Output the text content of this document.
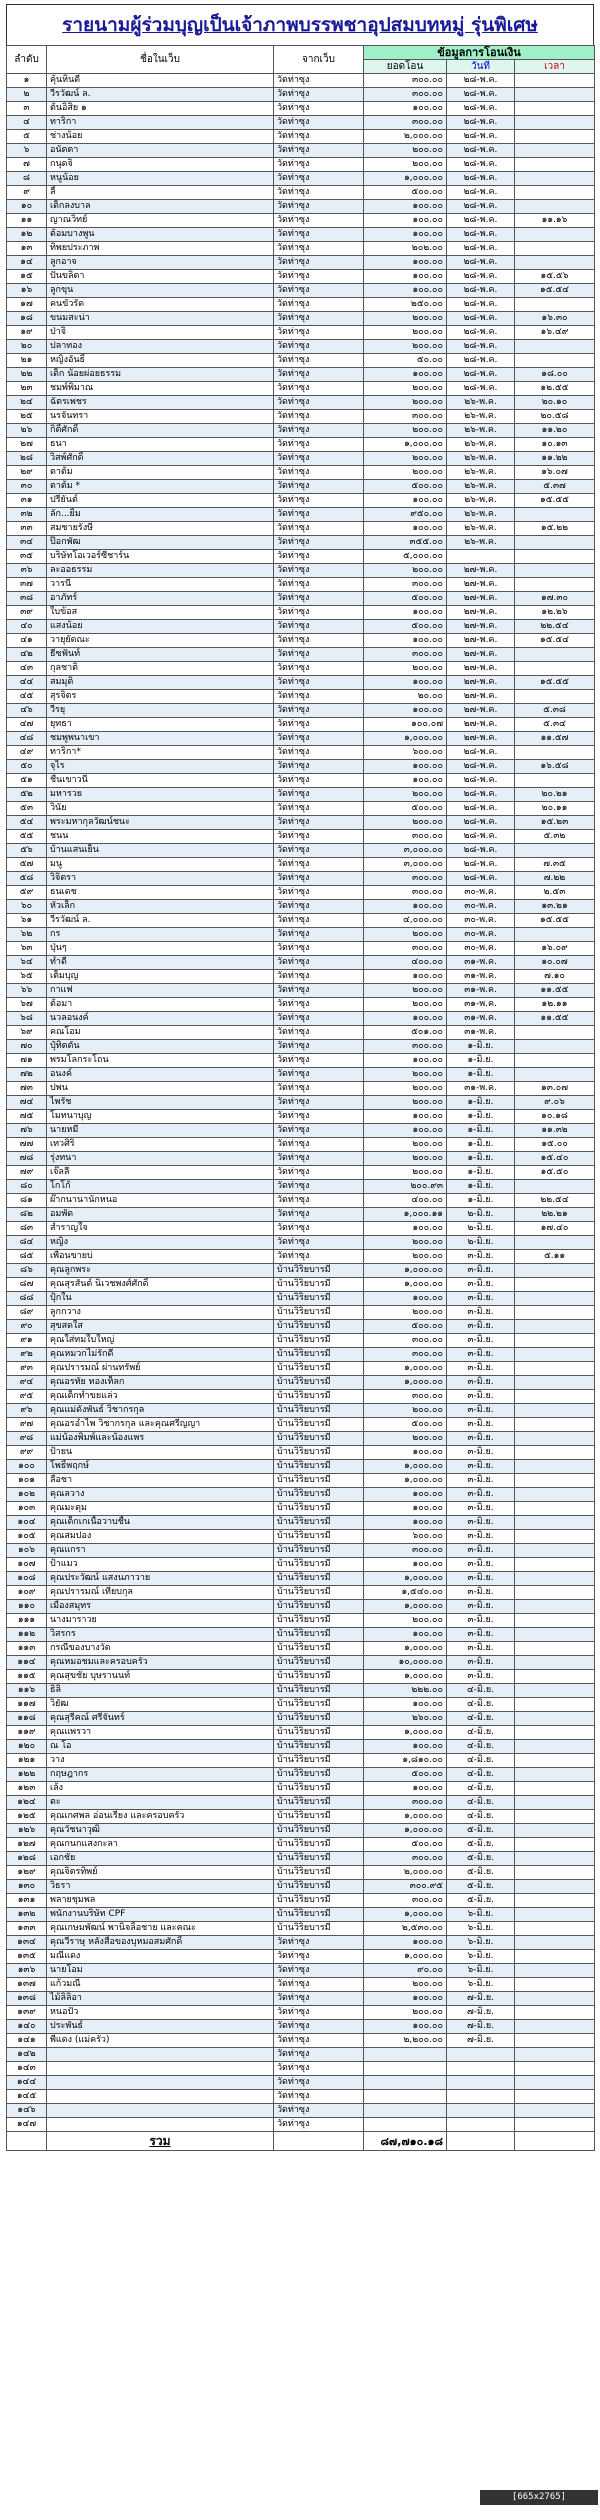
รายนามผู้ร่วมบุญเป็นเจ้าภาพบรรพชาอุปสมบทหมู่ รุ่นพิเศษ
ลำดับ	ชื่อในเว็บ	จากเว็บ	ข้อมูลการโอนเงิน		
			ยอดโอน	วันที่	เวลา
๑	คุ้นหินดี	วัดท่าซุง	๓๐๐.๐๐	๒๘-พ.ค.	
๒	วีรวัฒน์ ล.	วัดท่าซุง	๓๐๐.๐๐	๒๘-พ.ค.	
๓	ต้นอิสิย ๑	วัดท่าซุง	๑๐๐.๐๐	๒๘-พ.ค.	
๔	ทาริกา	วัดท่าซุง	๓๐๐.๐๐	๒๘-พ.ค.	
๕	ช่างน้อย	วัดท่าซุง	๒,๐๐๐.๐๐	๒๘-พ.ค.	
๖	อนัตตา	วัดท่าซุง	๒๐๐.๐๐	๒๘-พ.ค.	
๗	กนุดจิ	วัดท่าซุง	๒๐๐.๐๐	๒๘-พ.ค.	
๘	หนูน้อย	วัดท่าซุง	๑,๐๐๐.๐๐	๒๘-พ.ค.	
๙	ลี้	วัดท่าซุง	๕๐๐.๐๐	๒๘-พ.ค.	
๑๐	เด็กลงบาล	วัดท่าซุง	๑๐๐.๐๐	๒๘-พ.ค.	
๑๑	ญาณวิทย์	วัดท่าซุง	๑๐๐.๐๐	๒๘-พ.ค.	๑๑.๑๖
๑๒	ต้อมบางพูน	วัดท่าซุง	๑๐๐.๐๐	๒๘-พ.ค.	
๑๓	ทิพยประภาพ	วัดท่าซุง	๒๐๒.๐๐	๒๘-พ.ค.	
๑๔	ลูกอาจ	วัดท่าซุง	๑๐๐.๐๐	๒๘-พ.ค.	
๑๕	ปันขลิตา	วัดท่าซุง	๑๐๐.๐๐	๒๘-พ.ค.	๑๕.๕๖
๑๖	ลูกขุน	วัดท่าซุง	๑๐๐.๐๐	๒๘-พ.ค.	๑๕.๕๔
๑๗	คนขัวรัด	วัดท่าซุง	๒๕๐.๐๐	๒๘-พ.ค.	
๑๘	ขนมสะน่า	วัดท่าซุง	๒๐๐.๐๐	๒๘-พ.ค.	๑๖.๓๐
๑๙	ป่าจิ	วัดท่าซุง	๒๐๐.๐๐	๒๘-พ.ค.	๑๖.๔๙
๒๐	ปลาทอง	วัดท่าซุง	๒๐๐.๐๐	๒๘-พ.ค.	
๒๑	หญิงอันธิ์	วัดท่าซุง	๕๐.๐๐	๒๘-พ.ค.	
๒๒	เด็ก น้อยผ่อยธรรม	วัดท่าซุง	๑๐๐.๐๐	๒๘-พ.ค.	๑๘.๐๐
๒๓	ชมพ์พิมาณ	วัดท่าซุง	๒๐๐.๐๐	๒๘-พ.ค.	๑๒.๕๕
๒๔	ฉัตรเพชร	วัดท่าซุง	๒๐๐.๐๐	๒๖-พ.ค.	๒๐.๑๐
๒๕	นรจันทรา	วัดท่าซุง	๓๐๐.๐๐	๒๖-พ.ค.	๒๐.๕๘
๒๖	กิติ์ศักดิ์	วัดท่าซุง	๒๐๐.๐๐	๒๖-พ.ค.	๑๑.๒๐
๒๗	ธนา	วัดท่าซุง	๑,๐๐๐.๐๐	๒๖-พ.ค.	๑๐.๑๓
๒๘	วิสพ์ศักดิ์	วัดท่าซุง	๒๐๐.๐๐	๒๖-พ.ค.	๑๑.๒๒
๒๙	ตาต้ม	วัดท่าซุง	๒๐๐.๐๐	๒๖-พ.ค.	๑๖.๐๗
๓๐	ตาต้ม *	วัดท่าซุง	๕๐๐.๐๐	๒๖-พ.ค.	๕.๓๗
๓๑	ปรียันต์	วัดท่าซุง	๑๐๐.๐๐	๒๖-พ.ค.	๑๕.๕๕
๓๒	ลัก...ยิ้ม	วัดท่าซุง	๙๕๐.๐๐	๒๖-พ.ค.	
๓๓	สมชายรังษี	วัดท่าซุง	๑๐๐.๐๐	๒๖-พ.ค.	๑๕.๒๒
๓๔	ป๊อกพัฒ	วัดท่าซุง	๓๕๕.๐๐	๒๖-พ.ค.	
๓๕	บริษัทโอเวอร์ซีชาร์น	วัดท่าซุง	๕,๐๐๐.๐๐		
๓๖	ละออธรรม	วัดท่าซุง	๒๐๐.๐๐	๒๗-พ.ค.	
๓๗	วารนี	วัดท่าซุง	๓๐๐.๐๐	๒๗-พ.ค.	
๓๘	อาภัทร์	วัดท่าซุง	๕๐๐.๐๐	๒๗-พ.ค.	๑๗.๓๐
๓๙	ใบข้อส	วัดท่าซุง	๑๐๐.๐๐	๒๗-พ.ค.	๑๒.๒๖
๔๐	แสงน้อย	วัดท่าซุง	๕๐๐.๐๐	๒๗-พ.ค.	๒๒.๕๔
๔๑	วายุยัดณะ	วัดท่าซุง	๑๐๐.๐๐	๒๗-พ.ค.	๑๕.๕๔
๔๒	ธีซฟันท์	วัดท่าซุง	๓๐๐.๐๐	๒๗-พ.ค.	
๔๓	กุลชาติ	วัดท่าซุง	๒๐๐.๐๐	๒๗-พ.ค.	
๔๔	สมมุติ	วัดท่าซุง	๑๐๐.๐๐	๒๗-พ.ค.	๑๕.๕๕
๔๕	สุรจิตร	วัดท่าซุง	๒๐.๐๐	๒๗-พ.ค.	
๔๖	วีรยุ	วัดท่าซุง	๑๐๐.๐๐	๒๗-พ.ค.	๕.๓๘
๔๗	ยุทธา	วัดท่าซุง	๑๐๐.๐๗	๒๗-พ.ค.	๕.๓๔
๔๘	ชมพูพนาเขา	วัดท่าซุง	๑,๐๐๐.๐๐	๒๗-พ.ค.	๑๑.๕๗
๔๙	ทาริกา*	วัดท่าซุง	๖๐๐.๐๐	๒๘-พ.ค.	
๕๐	จุไร	วัดท่าซุง	๑๐๐.๐๐	๒๘-พ.ค.	๑๖.๕๘
๕๑	ชื่นเขาวนี	วัดท่าซุง	๑๐๐.๐๐	๒๘-พ.ค.	
๕๒	มหารวย	วัดท่าซุง	๒๐๐.๐๐	๒๘-พ.ค.	๒๐.๒๑
๕๓	วินัย	วัดท่าซุง	๕๐๐.๐๐	๒๘-พ.ค.	๒๐.๑๑
๕๔	พระมหากุลวัฒน์ชนะ	วัดท่าซุง	๒๐๐.๐๐	๒๘-พ.ค.	๑๕.๒๓
๕๕	ชนน	วัดท่าซุง	๓๐๐.๐๐	๒๘-พ.ค.	๕.๓๒
๕๖	บ้านแสนเย็น	วัดท่าซุง	๓,๐๐๐.๐๐	๒๘-พ.ค.	
๕๗	มนู	วัดท่าซุง	๓,๐๐๐.๐๐	๒๘-พ.ค.	๗.๓๕
๕๘	วิจิตรา	วัดท่าซุง	๓๐๐.๐๐	๒๘-พ.ค.	๗.๒๒
๕๙	ธนเดช	วัดท่าซุง	๓๐๐.๐๐	๓๐-พ.ค.	๒.๕๓
๖๐	หัวเล็ก	วัดท่าซุง	๑๐๐.๐๐	๓๐-พ.ค.	๑๓.๒๑
๖๑	วีรวัฒน์ ล.	วัดท่าซุง	๔,๐๐๐.๐๐	๓๐-พ.ค.	๑๕.๕๕
๖๒	กร	วัดท่าซุง	๒๐๐.๐๐	๓๐-พ.ค.	
๖๓	ปุ่นๆ	วัดท่าซุง	๓๐๐.๐๐	๓๐-พ.ค.	๑๖.๐๙
๖๔	ทำดี	วัดท่าซุง	๔๐๐.๐๐	๓๑-พ.ค.	๑๐.๐๗
๖๕	เต็มบุญ	วัดท่าซุง	๑๐๐.๐๐	๓๑-พ.ค.	๗.๑๐
๖๖	กาแฟ	วัดท่าซุง	๒๐๐.๐๐	๓๑-พ.ค.	๑๑.๕๕
๖๗	ต้อมา	วัดท่าซุง	๒๐๐.๐๐	๓๑-พ.ค.	๑๒.๑๑
๖๘	นวลอนงค์	วัดท่าซุง	๑๐๐.๐๐	๓๑-พ.ค.	๑๑.๕๕
๖๙	คณโอม	วัดท่าซุง	๕๐๑.๐๐	๓๑-พ.ค.	
๗๐	ปุ๋ทิตตัน	วัดท่าซุง	๓๐๐.๐๐	๑-มิ.ย.	
๗๑	พรมโลกระโถน	วัดท่าซุง	๑๐๐.๐๐	๑-มิ.ย.	
๗๒	อนงค์	วัดท่าซุง	๒๐๐.๐๐	๑-มิ.ย.	
๗๓	ปพน	วัดท่าซุง	๒๐๐.๐๐	๓๑-พ.ค.	๑๓.๐๗
๗๔	ไพรัช	วัดท่าซุง	๒๐๐.๐๐	๑-มิ.ย.	๙.๐๖
๗๕	โมทนาบุญ	วัดท่าซุง	๑๐๐.๐๐	๑-มิ.ย.	๑๐.๑๘
๗๖	นายหมี	วัดท่าซุง	๑๐๐.๐๐	๑-มิ.ย.	๑๑.๓๒
๗๗	เทวศิริ	วัดท่าซุง	๒๐๐.๐๐	๑-มิ.ย.	๑๕.๐๐
๗๘	รุ่งทนา	วัดท่าซุง	๒๐๐.๐๐	๑-มิ.ย.	๑๕.๔๐
๗๙	เจ๊ลลี	วัดท่าซุง	๒๐๐.๐๐	๑-มิ.ย.	๑๕.๕๐
๘๐	โกโก้	วัดท่าซุง	๒๐๐.๙๓	๑-มิ.ย.	
๘๑	ผ๊ากนานานักหนอ	วัดท่าซุง	๔๐๐.๐๐	๑-มิ.ย.	๒๒.๕๔
๘๒	อมพัด	วัดท่าซุง	๑,๐๐๐.๑๑	๒-มิ.ย.	๒๒.๒๑
๘๓	สำราญใจ	วัดท่าซุง	๑๐๐.๐๐	๒-มิ.ย.	๑๗.๔๐
๘๔	หญิง	วัดท่าซุง	๒๐๐.๐๐	๒-มิ.ย.	
๘๕	เพื่อนขายบ่	วัดท่าซุง	๒๐๐.๐๐	๓-มิ.ย.	๕.๑๑
๘๖	คุณลูกพระ	บ้านวิริยบารมี	๑,๐๐๐.๐๐	๓-มิ.ย.	
๘๗	คุณสุรสันต์ นิเวชพงศ์ศักดิ์	บ้านวิริยบารมี	๑,๐๐๐.๐๐	๓-มิ.ย.	
๘๘	ปุ้กใน	บ้านวิริยบารมี	๑๐๐.๐๐	๓-มิ.ย.	
๘๙	ลูกกวาง	บ้านวิริยบารมี	๒๐๐.๐๐	๓-มิ.ย.	
๙๐	สุขสดใส	บ้านวิริยบารมี	๕๐๐.๐๐	๓-มิ.ย.	
๙๑	คุณใส่ทมใบใหญ่	บ้านวิริยบารมี	๓๐๐.๐๐	๓-มิ.ย.	
๙๒	คุณหมวกไม่รักดี	บ้านวิริยบารมี	๓๐๐.๐๐	๓-มิ.ย.	
๙๓	คุณปรารมณ์ ผ่านทรัพย์	บ้านวิริยบารมี	๑,๐๐๐.๐๐	๓-มิ.ย.	
๙๔	คุณอรทัย ทองเท็ลก	บ้านวิริยบารมี	๑,๐๐๐.๐๐	๓-มิ.ย.	
๙๕	คุณเด็กทำขยแล่ว	บ้านวิริยบารมี	๓๐๐.๐๐	๓-มิ.ย.	
๙๖	คุณแม่ดังพันธ์ วิชากรกุล	บ้านวิริยบารมี	๒๐๐.๐๐	๓-มิ.ย.	
๙๗	คุณอรอำไพ วิชากรกุล และคุณศรีญญา	บ้านวิริยบารมี	๕๐๐.๐๐	๓-มิ.ย.	
๙๘	แม่น้องพิมพ์และน้องแพร	บ้านวิริยบารมี	๒๐๐.๐๐	๓-มิ.ย.	
๙๙	ป้ายน	บ้านวิริยบารมี	๑๐๐.๐๐	๓-มิ.ย.	
๑๐๐	โพธิ์พฤกษ์	บ้านวิริยบารมี	๑,๐๐๐.๐๐	๓-มิ.ย.	
๑๐๑	ลือชา	บ้านวิริยบารมี	๑,๐๐๐.๐๐	๓-มิ.ย.	
๑๐๒	คุณลวาง	บ้านวิริยบารมี	๑๐๐.๐๐	๓-มิ.ย.	
๑๐๓	คุณมะดุม	บ้านวิริยบารมี	๑๐๐.๐๐	๓-มิ.ย.	
๑๐๔	คุณเด็กเกเนื้อวาบชื้น	บ้านวิริยบารมี	๑๐๐.๐๐	๓-มิ.ย.	
๑๐๕	คุณสมปอง	บ้านวิริยบารมี	๖๐๐.๐๐	๓-มิ.ย.	
๑๐๖	คุณแกรา	บ้านวิริยบารมี	๓๐๐.๐๐	๓-มิ.ย.	
๑๐๗	ป้าแมว	บ้านวิริยบารมี	๑๐๐.๐๐	๓-มิ.ย.	
๑๐๘	คุณประวัฒน์ แสงนภาวาย	บ้านวิริยบารมี	๑,๐๐๐.๐๐	๓-มิ.ย.	
๑๐๙	คุณปรารมณ์ เทียบกุล	บ้านวิริยบารมี	๑,๕๔๐.๐๐	๓-มิ.ย.	
๑๑๐	เมืองสมุทร	บ้านวิริยบารมี	๑,๐๐๐.๐๐	๓-มิ.ย.	
๑๑๑	นางมาราวย	บ้านวิริยบารมี	๒๐๐.๐๐	๓-มิ.ย.	
๑๑๒	วิสรกร	บ้านวิริยบารมี	๑๐๐.๐๐	๓-มิ.ย.	
๑๑๓	กรณีของบางวัด	บ้านวิริยบารมี	๑,๐๐๐.๐๐	๓-มิ.ย.	
๑๑๔	คุณหมอชมและครอบครัว	บ้านวิริยบารมี	๑๐,๐๐๐.๐๐	๓-มิ.ย.	
๑๑๕	คุณสุขชัย บุษรานนท์	บ้านวิริยบารมี	๑,๐๐๐.๐๐	๓-มิ.ย.	
๑๑๖	ธิลิ	บ้านวิริยบารมี	๒๒๒.๐๐	๔-มิ.ย.	
๑๑๗	วิยัฒ	บ้านวิริยบารมี	๑๐๐.๐๐	๔-มิ.ย.	
๑๑๘	คุณสุรีคณ์ ศรีจันทร์	บ้านวิริยบารมี	๒๖๐.๐๐	๔-มิ.ย.	
๑๑๙	คุณแพรวา	บ้านวิริยบารมี	๑,๐๐๐.๐๐	๔-มิ.ย.	
๑๒๐	ณ โอ	บ้านวิริยบารมี	๑๐๐.๐๐	๔-มิ.ย.	
๑๒๑	วาง	บ้านวิริยบารมี	๑,๘๑๐.๐๐	๔-มิ.ย.	
๑๒๒	กฤษฎากร	บ้านวิริยบารมี	๕๐๐.๐๐	๔-มิ.ย.	
๑๒๓	เล้ง	บ้านวิริยบารมี	๑๐๐.๐๐	๔-มิ.ย.	
๑๒๔	ตะ	บ้านวิริยบารมี	๓๐๐.๐๐	๔-มิ.ย.	
๑๒๕	คุณเกศพล อ่อนเรียง และครอบครัว	บ้านวิริยบารมี	๑,๐๐๐.๐๐	๔-มิ.ย.	
๑๒๖	คุณวัชนาวุฒิ	บ้านวิริยบารมี	๑,๐๐๐.๐๐	๕-มิ.ย.	
๑๒๗	คุณกนกแสงกะลา	บ้านวิริยบารมี	๕๐๐.๐๐	๕-มิ.ย.	
๑๒๘	เอกชัย	บ้านวิริยบารมี	๓๐๐.๐๐	๕-มิ.ย.	
๑๒๙	คุณจิตรทิพย์	บ้านวิริยบารมี	๒,๐๐๐.๐๐	๕-มิ.ย.	
๑๓๐	วิธรา	บ้านวิริยบารมี	๓๐๐.๙๕	๕-มิ.ย.	
๑๓๑	พลายชุมพล	บ้านวิริยบารมี	๓๐๐.๐๐	๕-มิ.ย.	
๑๓๒	พนักงานบริษัท CPF	บ้านวิริยบารมี	๑,๐๐๐.๐๐	๖-มิ.ย.	
๑๓๓	คุณเกษมพัฒน์ พานิจลิ้อชาย และคณะ	บ้านวิริยบารมี	๒,๕๓๐.๐๐	๖-มิ.ย.	
๑๓๔	คุณวีราษุ หลังสื่อของบุหมอสมศักดิ์	วัดท่าซุง	๑๐๐.๐๐	๖-มิ.ย.	
๑๓๕	มณีแดง	วัดท่าซุง	๑,๐๐๐.๐๐	๖-มิ.ย.	
๑๓๖	นายโอม	วัดท่าซุง	๙๐.๐๐	๖-มิ.ย.	
๑๓๗	แก้วมณี	วัดท่าซุง	๒๐๐.๐๐	๖-มิ.ย.	
๑๓๘	ไม้ลิลิอา	วัดท่าซุง	๑๐๐.๐๐	๗-มิ.ย.	
๑๓๙	หนอปัว	วัดท่าซุง	๒๐๐.๐๐	๗-มิ.ย.	
๑๔๐	ประพันธ์	วัดท่าซุง	๑๐๐.๐๐	๗-มิ.ย.	
๑๔๑	พี่แดง (แม่ครัว)	วัดท่าซุง	๒,๒๐๐.๐๐	๗-มิ.ย.	
๑๔๒		วัดท่าซุง			
๑๔๓		วัดท่าซุง			
๑๔๔		วัดท่าซุง			
๑๔๕		วัดท่าซุง			
๑๔๖		วัดท่าซุง			
๑๔๗		วัดท่าซุง			
	รวม		๘๗,๗๑๐.๑๘		
[665x2765]
